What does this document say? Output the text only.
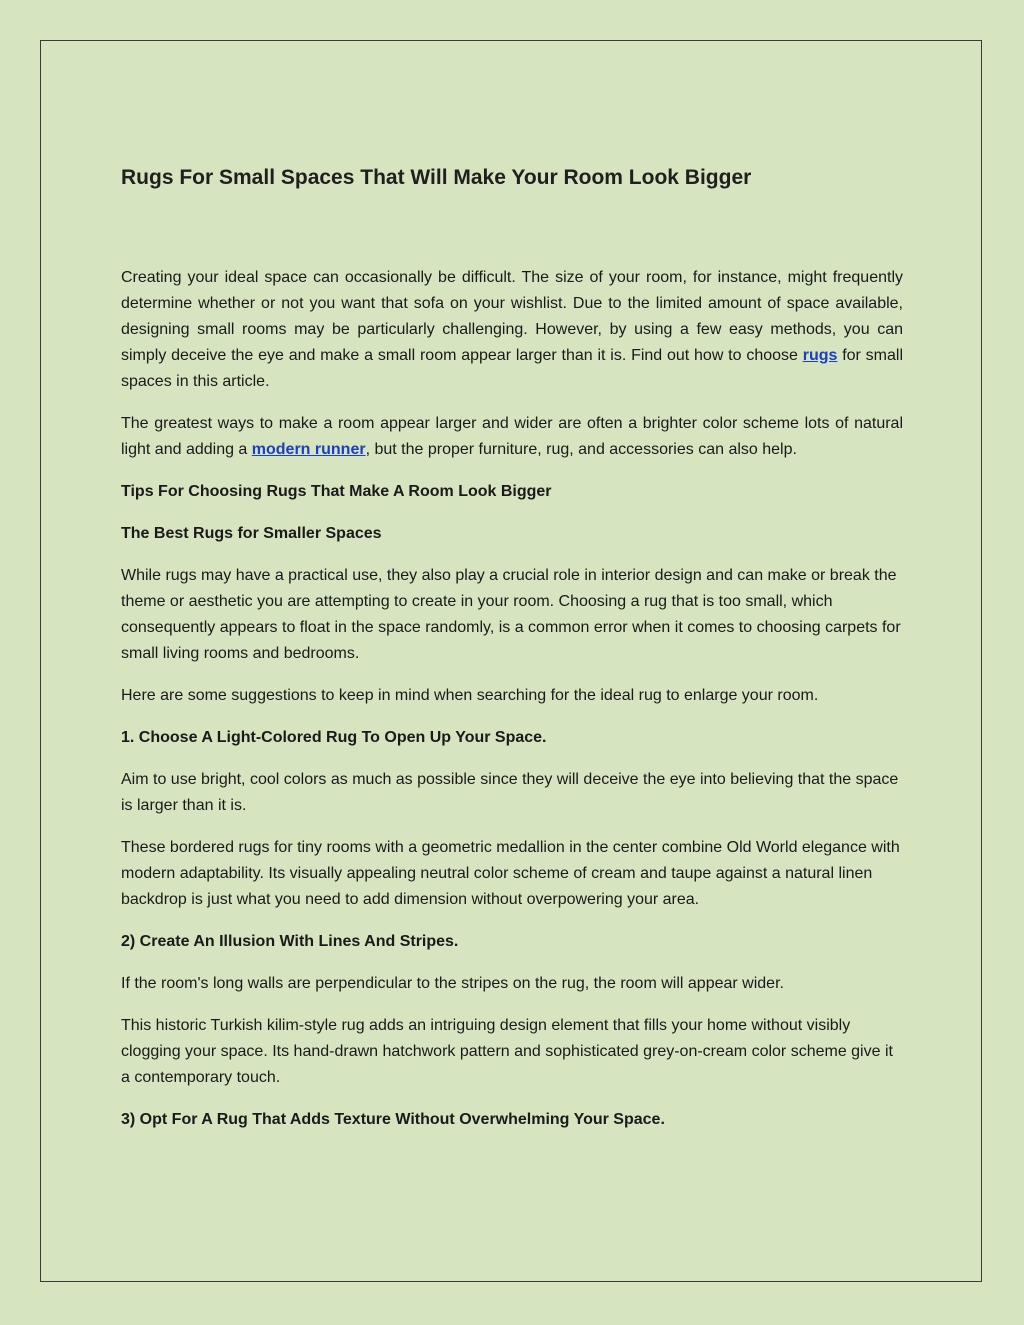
Rugs For Small Spaces That Will Make Your Room Look Bigger

Creating your ideal space can occasionally be difficult. The size of your room, for instance, might frequently determine whether or not you want that sofa on your wishlist. Due to the limited amount of space available, designing small rooms may be particularly challenging. However, by using a few easy methods, you can simply deceive the eye and make a small room appear larger than it is. Find out how to choose rugs for small spaces in this article.

The greatest ways to make a room appear larger and wider are often a brighter color scheme lots of natural light and adding a modern runner, but the proper furniture, rug, and accessories can also help.

Tips For Choosing Rugs That Make A Room Look Bigger

The Best Rugs for Smaller Spaces

While rugs may have a practical use, they also play a crucial role in interior design and can make or break the theme or aesthetic you are attempting to create in your room. Choosing a rug that is too small, which consequently appears to float in the space randomly, is a common error when it comes to choosing carpets for small living rooms and bedrooms.

Here are some suggestions to keep in mind when searching for the ideal rug to enlarge your room.

1. Choose A Light-Colored Rug To Open Up Your Space.

Aim to use bright, cool colors as much as possible since they will deceive the eye into believing that the space is larger than it is.

These bordered rugs for tiny rooms with a geometric medallion in the center combine Old World elegance with modern adaptability. Its visually appealing neutral color scheme of cream and taupe against a natural linen backdrop is just what you need to add dimension without overpowering your area.

2) Create An Illusion With Lines And Stripes.

If the room's long walls are perpendicular to the stripes on the rug, the room will appear wider.

This historic Turkish kilim-style rug adds an intriguing design element that fills your home without visibly clogging your space. Its hand-drawn hatchwork pattern and sophisticated grey-on-cream color scheme give it a contemporary touch.

3) Opt For A Rug That Adds Texture Without Overwhelming Your Space.
